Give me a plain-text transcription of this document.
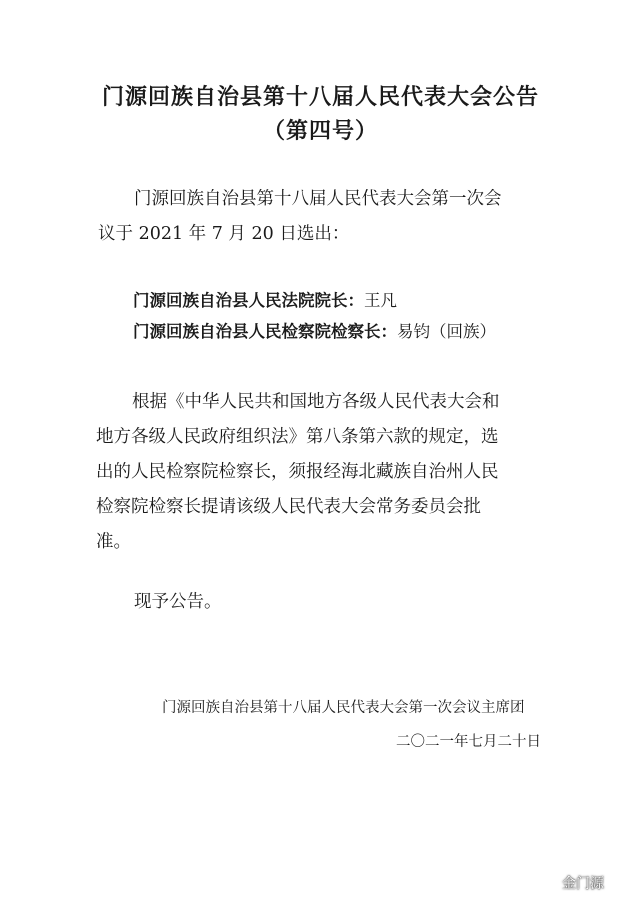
门源回族自治县第十八届人民代表大会公告
（第四号）
门源回族自治县第十八届人民代表大会第一次会
议于 2021 年 7 月 20 日选出：
门源回族自治县人民法院院长：王凡
门源回族自治县人民检察院检察长：易钧（回族）
根据《中华人民共和国地方各级人民代表大会和
地方各级人民政府组织法》第八条第六款的规定，选
出的人民检察院检察长，须报经海北藏族自治州人民
检察院检察长提请该级人民代表大会常务委员会批
准。
现予公告。
门源回族自治县第十八届人民代表大会第一次会议主席团
二〇二一年七月二十日
金门源
